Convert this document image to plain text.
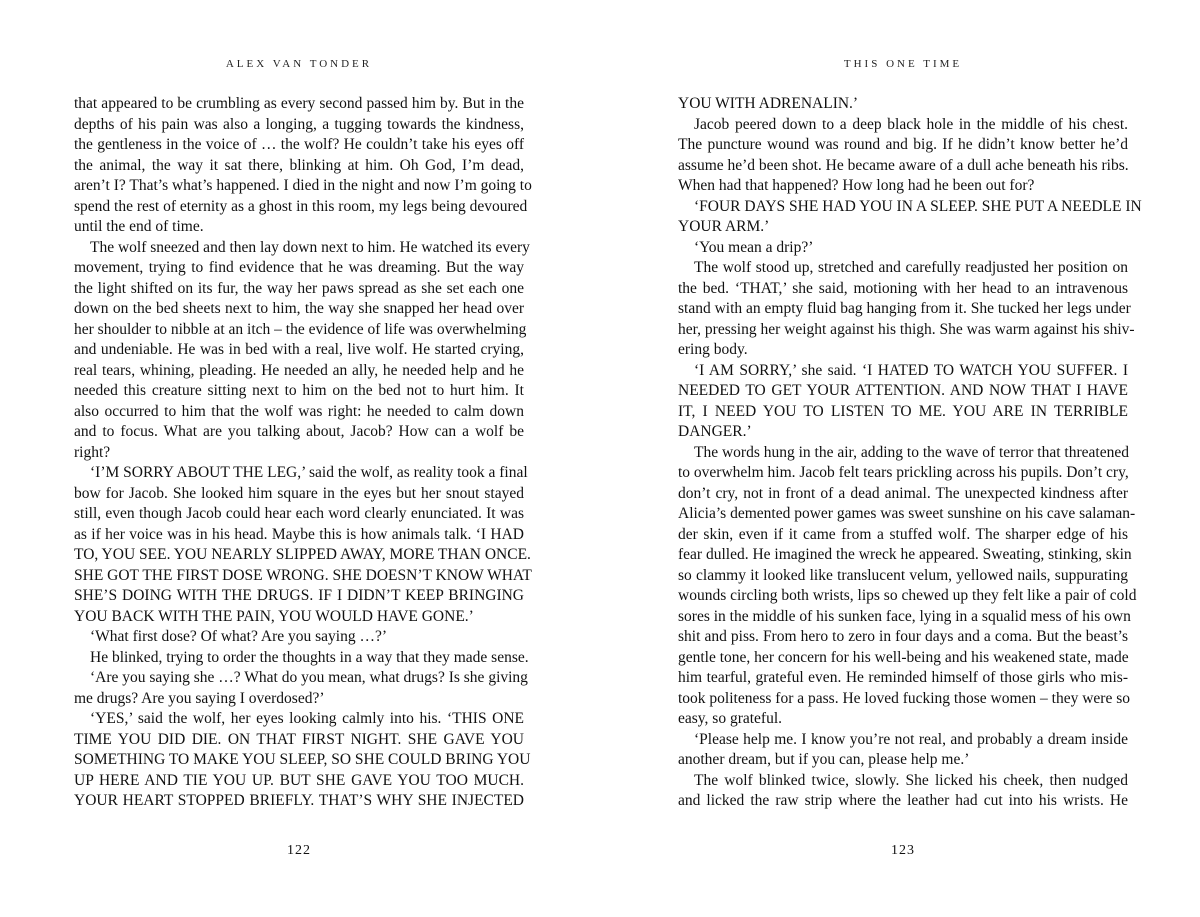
ALEX VAN TONDER
that appeared to be crumbling as every second passed him by. But in the
depths of his pain was also a longing, a tugging towards the kindness,
the gentleness in the voice of … the wolf? He couldn’t take his eyes off
the animal, the way it sat there, blinking at him. Oh God, I’m dead,
aren’t I? That’s what’s happened. I died in the night and now I’m going to
spend the rest of eternity as a ghost in this room, my legs being devoured
until the end of time.
The wolf sneezed and then lay down next to him. He watched its every
movement, trying to find evidence that he was dreaming. But the way
the light shifted on its fur, the way her paws spread as she set each one
down on the bed sheets next to him, the way she snapped her head over
her shoulder to nibble at an itch – the evidence of life was overwhelming
and undeniable. He was in bed with a real, live wolf. He started crying,
real tears, whining, pleading. He needed an ally, he needed help and he
needed this creature sitting next to him on the bed not to hurt him. It
also occurred to him that the wolf was right: he needed to calm down
and to focus. What are you talking about, Jacob? How can a wolf be
right?
‘I’M SORRY ABOUT THE LEG,’ said the wolf, as reality took a final
bow for Jacob. She looked him square in the eyes but her snout stayed
still, even though Jacob could hear each word clearly enunciated. It was
as if her voice was in his head. Maybe this is how animals talk. ‘I HAD
TO, YOU SEE. YOU NEARLY SLIPPED AWAY, MORE THAN ONCE.
SHE GOT THE FIRST DOSE WRONG. SHE DOESN’T KNOW WHAT
SHE’S DOING WITH THE DRUGS. IF I DIDN’T KEEP BRINGING
YOU BACK WITH THE PAIN, YOU WOULD HAVE GONE.’
‘What first dose? Of what? Are you saying …?’
He blinked, trying to order the thoughts in a way that they made sense.
‘Are you saying she …? What do you mean, what drugs? Is she giving
me drugs? Are you saying I overdosed?’
‘YES,’ said the wolf, her eyes looking calmly into his. ‘THIS ONE
TIME YOU DID DIE. ON THAT FIRST NIGHT. SHE GAVE YOU
SOMETHING TO MAKE YOU SLEEP, SO SHE COULD BRING YOU
UP HERE AND TIE YOU UP. BUT SHE GAVE YOU TOO MUCH.
YOUR HEART STOPPED BRIEFLY. THAT’S WHY SHE INJECTED
122
THIS ONE TIME
YOU WITH ADRENALIN.’
Jacob peered down to a deep black hole in the middle of his chest.
The puncture wound was round and big. If he didn’t know better he’d
assume he’d been shot. He became aware of a dull ache beneath his ribs.
When had that happened? How long had he been out for?
‘FOUR DAYS SHE HAD YOU IN A SLEEP. SHE PUT A NEEDLE IN
YOUR ARM.’
‘You mean a drip?’
The wolf stood up, stretched and carefully readjusted her position on
the bed. ‘THAT,’ she said, motioning with her head to an intravenous
stand with an empty fluid bag hanging from it. She tucked her legs under
her, pressing her weight against his thigh. She was warm against his shiv-
ering body.
‘I AM SORRY,’ she said. ‘I HATED TO WATCH YOU SUFFER. I
NEEDED TO GET YOUR ATTENTION. AND NOW THAT I HAVE
IT, I NEED YOU TO LISTEN TO ME. YOU ARE IN TERRIBLE
DANGER.’
The words hung in the air, adding to the wave of terror that threatened
to overwhelm him. Jacob felt tears prickling across his pupils. Don’t cry,
don’t cry, not in front of a dead animal. The unexpected kindness after
Alicia’s demented power games was sweet sunshine on his cave salaman-
der skin, even if it came from a stuffed wolf. The sharper edge of his
fear dulled. He imagined the wreck he appeared. Sweating, stinking, skin
so clammy it looked like translucent velum, yellowed nails, suppurating
wounds circling both wrists, lips so chewed up they felt like a pair of cold
sores in the middle of his sunken face, lying in a squalid mess of his own
shit and piss. From hero to zero in four days and a coma. But the beast’s
gentle tone, her concern for his well-being and his weakened state, made
him tearful, grateful even. He reminded himself of those girls who mis-
took politeness for a pass. He loved fucking those women – they were so
easy, so grateful.
‘Please help me. I know you’re not real, and probably a dream inside
another dream, but if you can, please help me.’
The wolf blinked twice, slowly. She licked his cheek, then nudged
and licked the raw strip where the leather had cut into his wrists. He
123
